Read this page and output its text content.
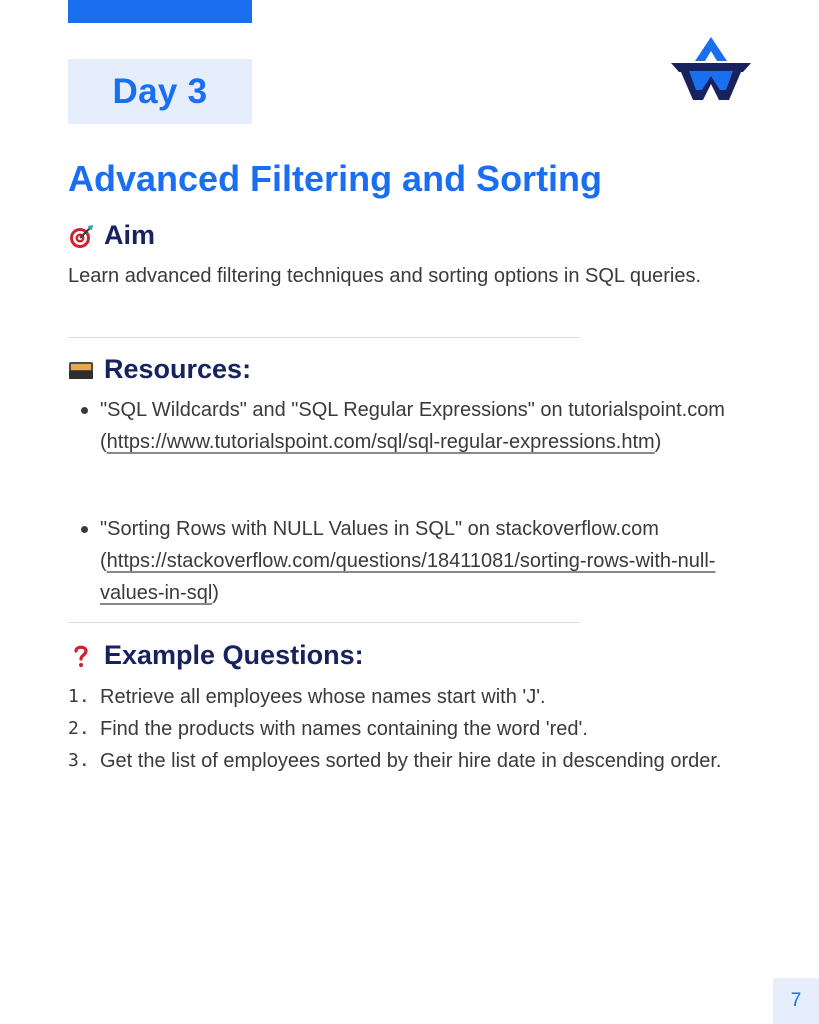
Day 3
Advanced Filtering and Sorting
Aim

Learn advanced filtering techniques and sorting options in SQL queries.

Resources:
"SQL Wildcards" and "SQL Regular Expressions" on tutorialspoint.com (https://www.tutorialspoint.com/sql/sql-regular-expressions.htm)
"Sorting Rows with NULL Values in SQL" on stackoverflow.com (https://stackoverflow.com/questions/18411081/sorting-rows-with-null-values-in-sql)
Example Questions:
1. Retrieve all employees whose names start with 'J'.
2. Find the products with names containing the word 'red'.
3. Get the list of employees sorted by their hire date in descending order.
7
